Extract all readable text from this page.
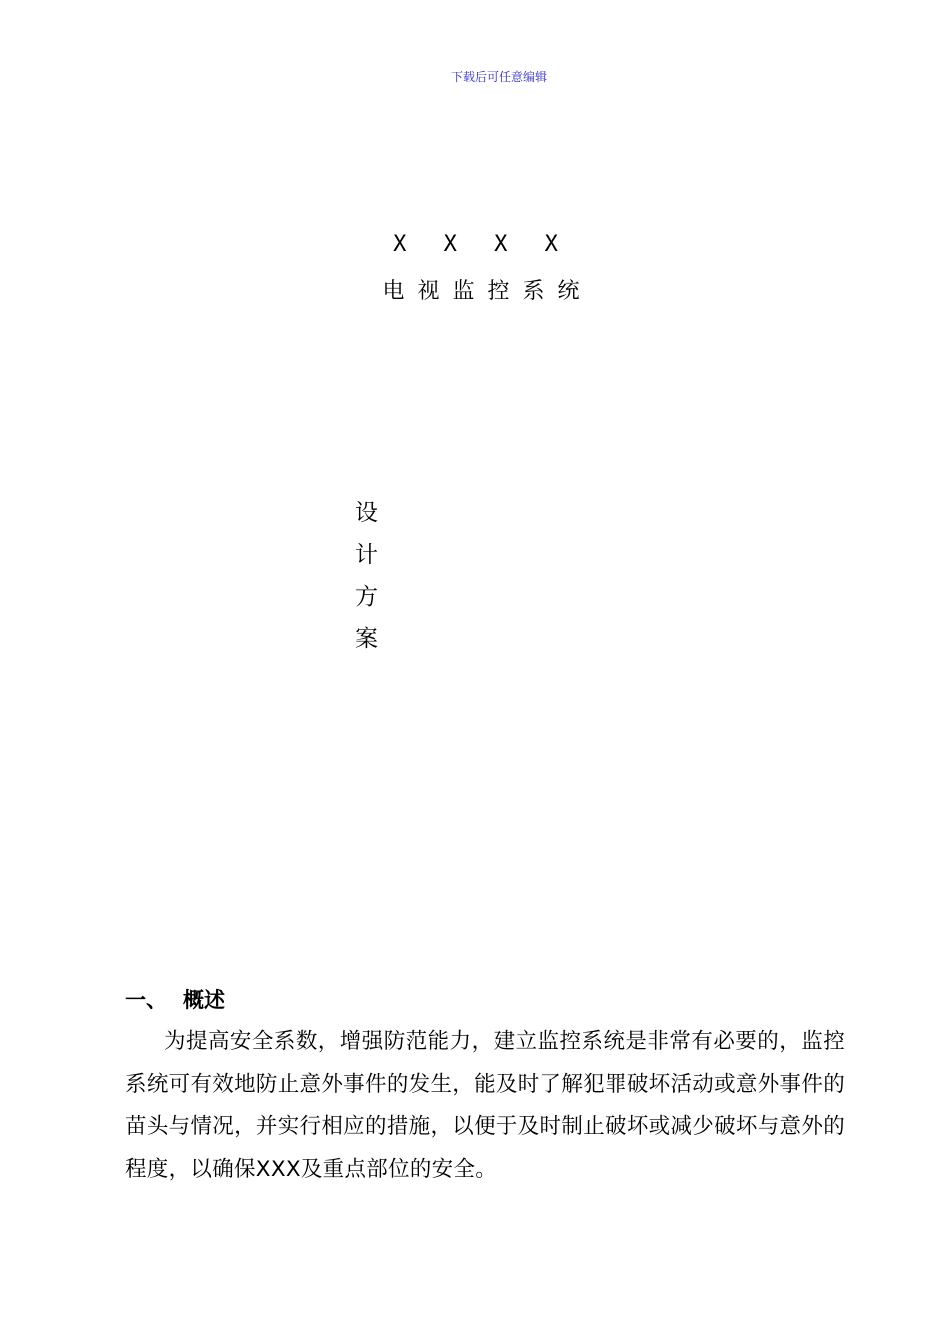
下载后可任意编辑
X X X X
电视监控系统
设
计
方
案
一、 概述
为提高安全系数，增强防范能力，建立监控系统是非常有必要的，监控系统可有效地防止意外事件的发生，能及时了解犯罪破坏活动或意外事件的苗头与情况，并实行相应的措施，以便于及时制止破坏或减少破坏与意外的程度，以确保XXX及重点部位的安全。
